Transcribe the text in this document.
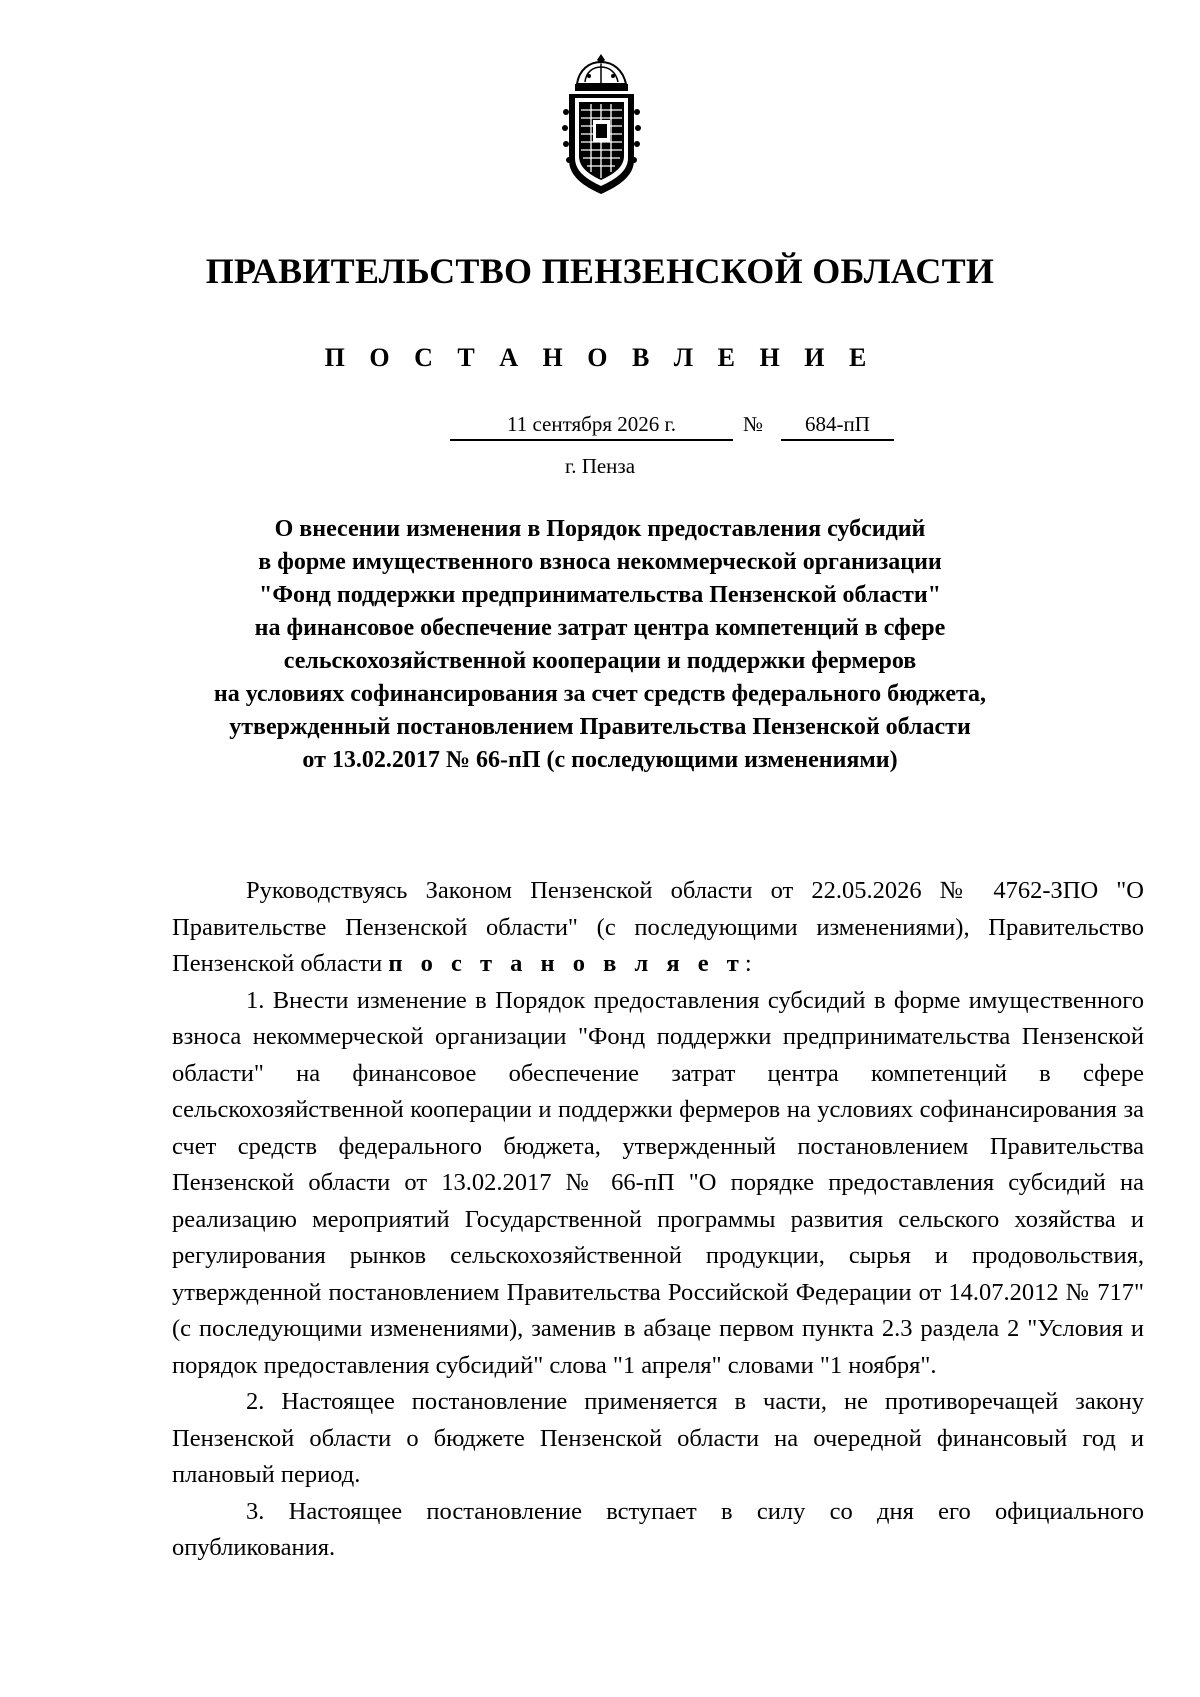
ПРАВИТЕЛЬСТВО ПЕНЗЕНСКОЙ ОБЛАСТИ
П О С Т А Н О В Л Е Н И Е
11 сентября 2026 г.	№	684-пП
г. Пенза
О внесении изменения в Порядок предоставления субсидий
в форме имущественного взноса некоммерческой организации
"Фонд поддержки предпринимательства Пензенской области"
на финансовое обеспечение затрат центра компетенций в сфере
сельскохозяйственной кооперации и поддержки фермеров
на условиях софинансирования за счет средств федерального бюджета,
утвержденный постановлением Правительства Пензенской области
от 13.02.2017 № 66-пП (с последующими изменениями)

Руководствуясь Законом Пензенской области от 22.05.2026 № 4762-ЗПО "О Правительстве Пензенской области" (с последующими изменениями), Правительство Пензенской области п о с т а н о в л я е т:

1. Внести изменение в Порядок предоставления субсидий в форме имущественного взноса некоммерческой организации "Фонд поддержки предпринимательства Пензенской области" на финансовое обеспечение затрат центра компетенций в сфере сельскохозяйственной кооперации и поддержки фермеров на условиях софинансирования за счет средств федерального бюджета, утвержденный постановлением Правительства Пензенской области от 13.02.2017 № 66-пП "О порядке предоставления субсидий на реализацию мероприятий Государственной программы развития сельского хозяйства и регулирования рынков сельскохозяйственной продукции, сырья и продовольствия, утвержденной постановлением Правительства Российской Федерации от 14.07.2012 № 717" (с последующими изменениями), заменив в абзаце первом пункта 2.3 раздела 2 "Условия и порядок предоставления субсидий" слова "1 апреля" словами "1 ноября".

2. Настоящее постановление применяется в части, не противоречащей закону Пензенской области о бюджете Пензенской области на очередной финансовый год и плановый период.

3. Настоящее постановление вступает в силу со дня его официального опубликования.
